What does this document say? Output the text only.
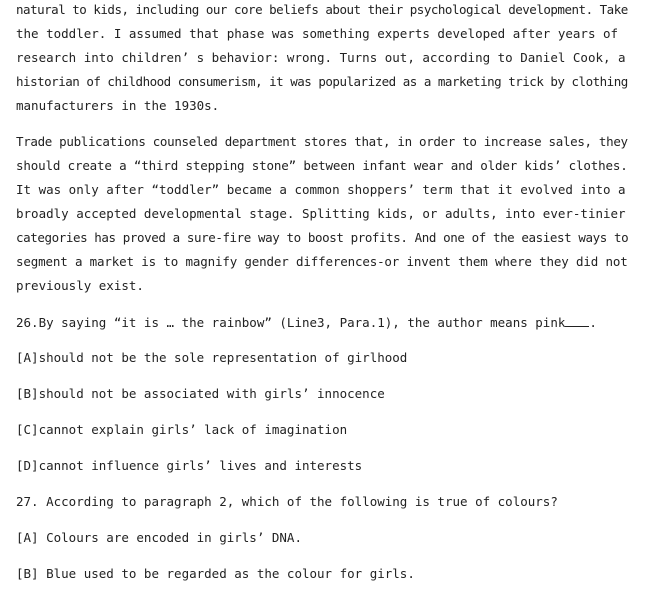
natural to kids, including our core beliefs about their psychological development. Take
the toddler. I assumed that phase was something experts developed after years of
research into children’ s behavior: wrong. Turns out, according to Daniel Cook, a
historian of childhood consumerism, it was popularized as a marketing trick by clothing
manufacturers in the 1930s.
Trade publications counseled department stores that, in order to increase sales, they
should create a “third stepping stone” between infant wear and older kids’ clothes.
It was only after “toddler” became a common shoppers’ term that it evolved into a
broadly accepted developmental stage. Splitting kids, or adults, into ever-tinier
categories has proved a sure-fire way to boost profits. And one of the easiest ways to
segment a market is to magnify gender differences-or invent them where they did not
previously exist.
26.By saying “it is … the rainbow” (Line3, Para.1), the author means pink .
[A]should not be the sole representation of girlhood
[B]should not be associated with girls’ innocence
[C]cannot explain girls’ lack of imagination
[D]cannot influence girls’ lives and interests
27. According to paragraph 2, which of the following is true of colours?
[A] Colours are encoded in girls’ DNA.
[B] Blue used to be regarded as the colour for girls.
